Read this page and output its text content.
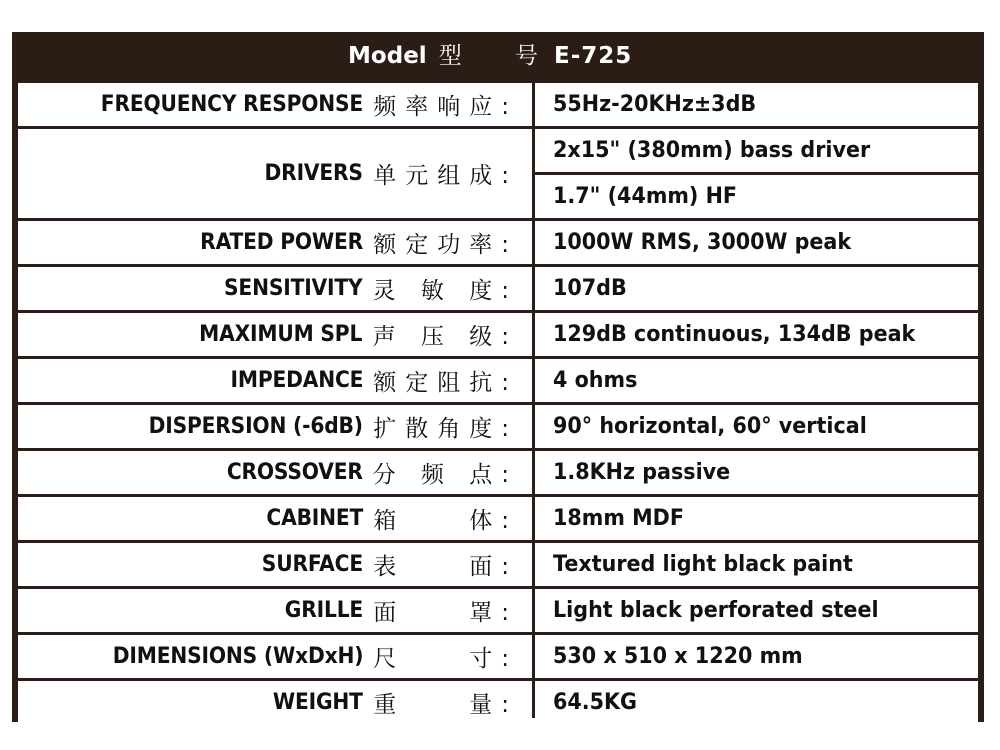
Model 型　　 号 E-725
FREQUENCY RESPONSE 频率响应: 55Hz-20KHz±3dB
DRIVERS 单元组成:
2x15" (380mm) bass driver
1.7" (44mm) HF
RATED POWER 额定功率: 1000W RMS, 3000W peak
SENSITIVITY 灵 敏 度: 107dB
MAXIMUM SPL 声 压 级: 129dB continuous, 134dB peak
IMPEDANCE 额定阻抗: 4 ohms
DISPERSION (-6dB) 扩散角度: 90° horizontal, 60° vertical
CROSSOVER 分 频 点: 1.8KHz passive
CABINET 箱　　体: 18mm MDF
SURFACE 表　　面: Textured light black paint
GRILLE 面　　罩: Light black perforated steel
DIMENSIONS (WxDxH) 尺　　寸: 530 x 510 x 1220 mm
WEIGHT 重　　量: 64.5KG
